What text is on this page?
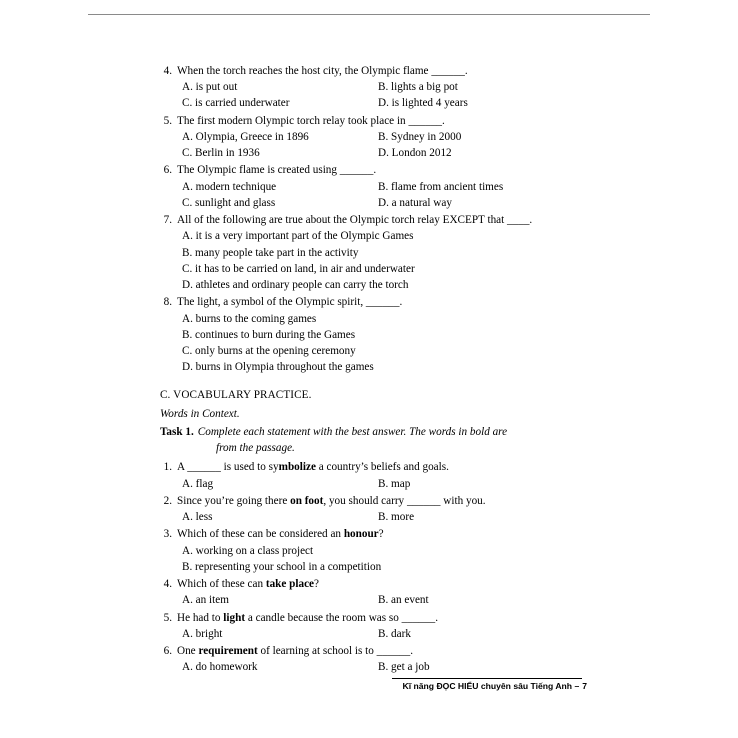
4. When the torch reaches the host city, the Olympic flame ______.
A. is put out	B. lights a big pot
C. is carried underwater	D. is lighted 4 years
5. The first modern Olympic torch relay took place in ______.
A. Olympia, Greece in 1896	B. Sydney in 2000
C. Berlin in 1936	D. London 2012
6. The Olympic flame is created using ______.
A. modern technique	B. flame from ancient times
C. sunlight and glass	D. a natural way
7. All of the following are true about the Olympic torch relay EXCEPT that ____.
A. it is a very important part of the Olympic Games
B. many people take part in the activity
C. it has to be carried on land, in air and underwater
D. athletes and ordinary people can carry the torch
8. The light, a symbol of the Olympic spirit, ______.
A. burns to the coming games
B. continues to burn during the Games
C. only burns at the opening ceremony
D. burns in Olympia throughout the games
C. VOCABULARY PRACTICE.
Words in Context.
Task 1. Complete each statement with the best answer. The words in bold are
from the passage.
1. A ______ is used to symbolize a country’s beliefs and goals.
A. flag	B. map
2. Since you’re going there on foot, you should carry ______ with you.
A. less	B. more
3. Which of these can be considered an honour?
A. working on a class project
B. representing your school in a competition
4. Which of these can take place?
A. an item	B. an event
5. He had to light a candle because the room was so ______.
A. bright	B. dark
6. One requirement of learning at school is to ______.
A. do homework	B. get a job
Kĩ năng ĐỌC HIỂU chuyên sâu Tiếng Anh – 7
